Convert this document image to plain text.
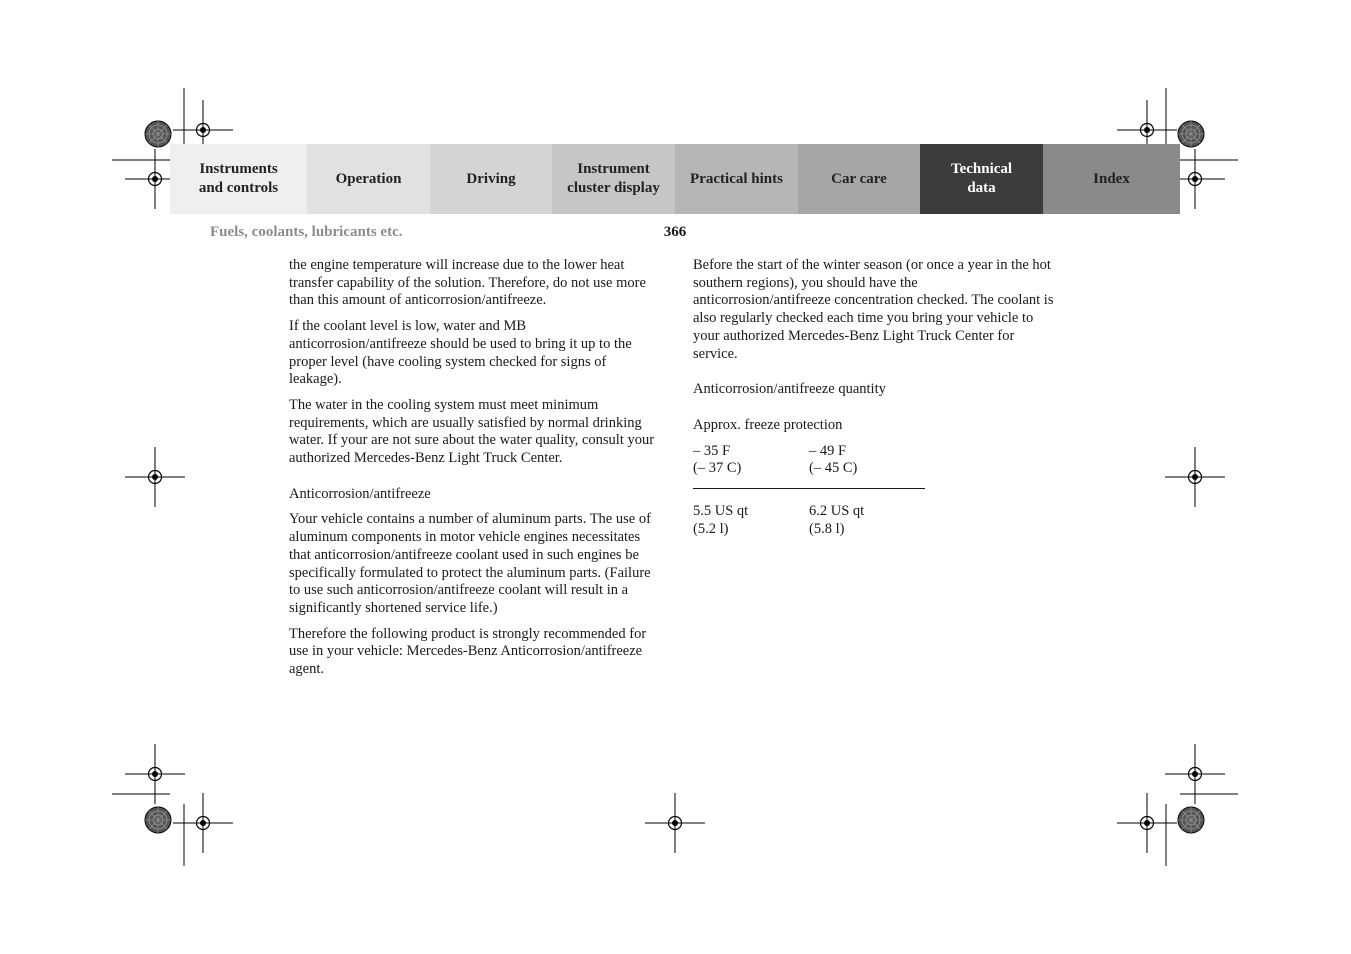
Instruments
and controls
Operation	Driving
Instrument
cluster display
Practical hints	Car care
Technical
data
Index
Fuels, coolants, lubricants etc.	366

the engine temperature will increase due to the lower heat transfer capability of the solution. Therefore, do not use more than this amount of anticorrosion/antifreeze.

If the coolant level is low, water and MB anticorrosion/antifreeze should be used to bring it up to the proper level (have cooling system checked for signs of leakage).

The water in the cooling system must meet minimum requirements, which are usually satisfied by normal drinking water. If your are not sure about the water quality, consult your authorized Mercedes-Benz Light Truck Center.

Anticorrosion/antifreeze

Your vehicle contains a number of aluminum parts. The use of aluminum components in motor vehicle engines necessitates that anticorrosion/antifreeze coolant used in such engines be specifically formulated to protect the aluminum parts. (Failure to use such anticorrosion/antifreeze coolant will result in a significantly shortened service life.)

Therefore the following product is strongly recommended for use in your vehicle: Mercedes-Benz Anticorrosion/antifreeze agent.

Before the start of the winter season (or once a year in the hot southern regions), you should have the anticorrosion/antifreeze concentration checked. The coolant is also regularly checked each time you bring your vehicle to your authorized Mercedes-Benz Light Truck Center for service.

Anticorrosion/antifreeze quantity

Approx. freeze protection

– 35 F	– 49 F
(– 37 C)	(– 45 C)
5.5 US qt	6.2 US qt
(5.2 l)	(5.8 l)
